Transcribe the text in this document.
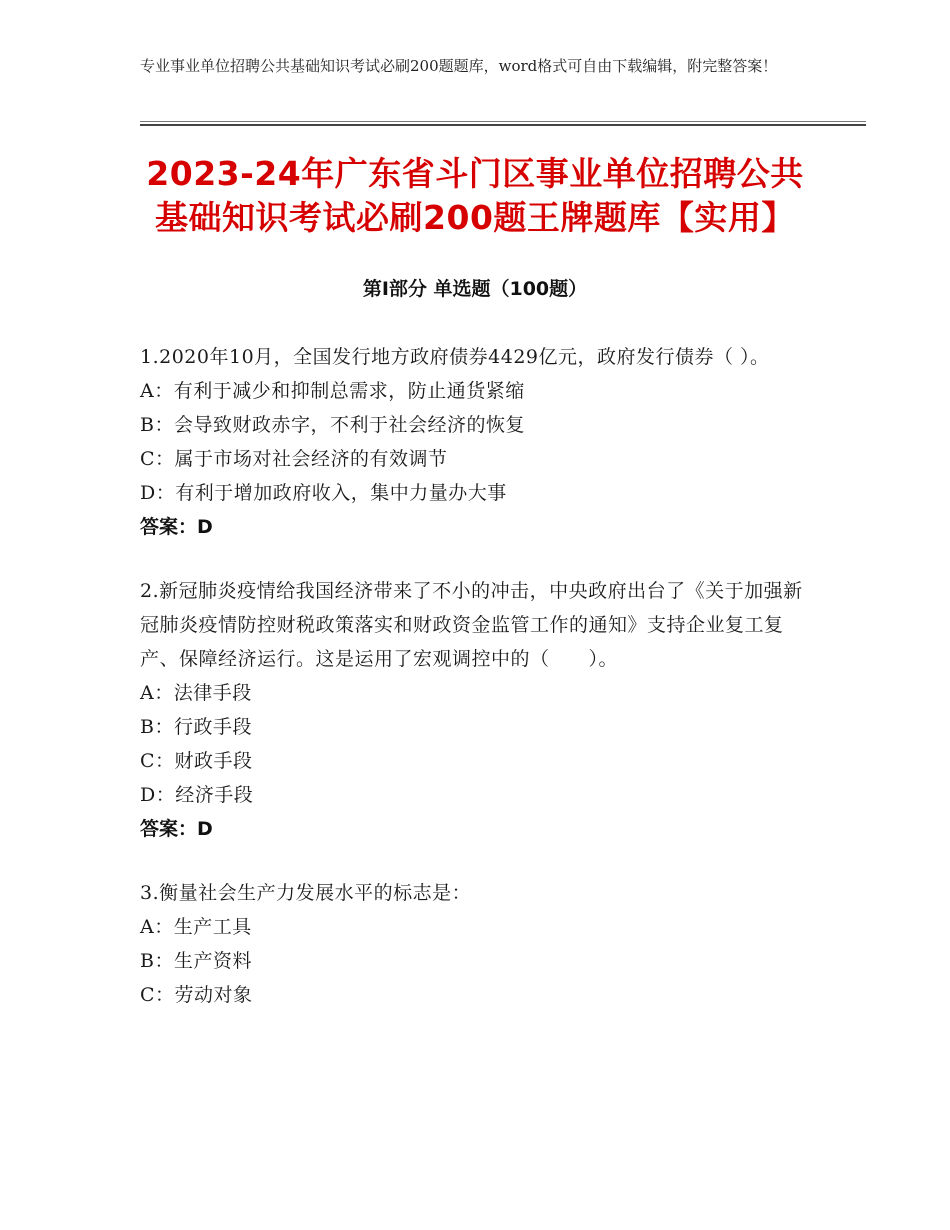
专业事业单位招聘公共基础知识考试必刷200题题库，word格式可自由下载编辑，附完整答案！
2023-24年广东省斗门区事业单位招聘公共
基础知识考试必刷200题王牌题库【实用】
第Ⅰ部分 单选题（100题）
1.2020年10月，全国发行地方政府债券4429亿元，政府发行债券（ ）。
A：有利于减少和抑制总需求，防止通货紧缩
B：会导致财政赤字，不利于社会经济的恢复
C：属于市场对社会经济的有效调节
D：有利于增加政府收入，集中力量办大事
答案：D
2.新冠肺炎疫情给我国经济带来了不小的冲击，中央政府出台了《关于加强新冠肺炎疫情防控财税政策落实和财政资金监管工作的通知》支持企业复工复产、保障经济运行。这是运用了宏观调控中的（　　）。
A：法律手段
B：行政手段
C：财政手段
D：经济手段
答案：D
3.衡量社会生产力发展水平的标志是：
A：生产工具
B：生产资料
C：劳动对象
